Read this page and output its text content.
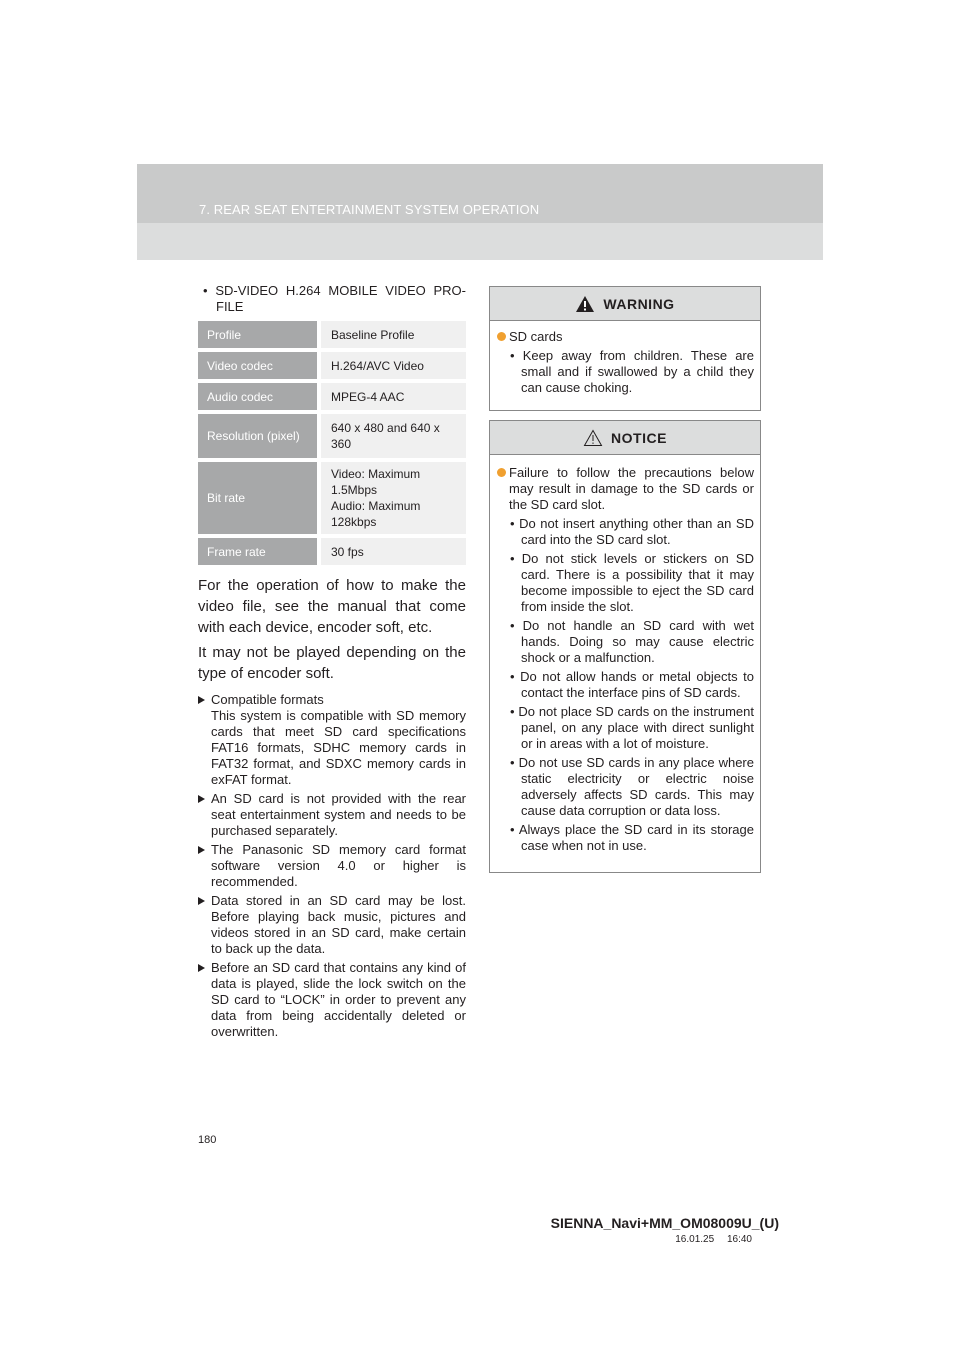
7. REAR SEAT ENTERTAINMENT SYSTEM OPERATION
• SD-VIDEO H.264 MOBILE VIDEO PRO-FILE
Profile	Baseline Profile
Video codec	H.264/AVC Video
Audio codec	MPEG-4 AAC
Resolution (pixel)	640 x 480 and 640 x 360
Bit rate	Video: Maximum 1.5Mbps
Audio: Maximum 128kbps

Frame rate	30 fps
For the operation of how to make the video file, see the manual that come with each device, encoder soft, etc.
It may not be played depending on the type of encoder soft.
Compatible formats
This system is compatible with SD memory cards that meet SD card specifications FAT16 formats, SDHC memory cards in FAT32 format, and SDXC memory cards in exFAT format.
An SD card is not provided with the rear seat entertainment system and needs to be purchased separately.
The Panasonic SD memory card format software version 4.0 or higher is recommended.
Data stored in an SD card may be lost. Before playing back music, pictures and videos stored in an SD card, make certain to back up the data.
Before an SD card that contains any kind of data is played, slide the lock switch on the SD card to “LOCK” in order to prevent any data from being accidentally deleted or overwritten.
WARNING
SD cards
• Keep away from children. These are small and if swallowed by a child they can cause choking.
NOTICE
Failure to follow the precautions below may result in damage to the SD cards or the SD card slot.
• Do not insert anything other than an SD card into the SD card slot.
• Do not stick levels or stickers on SD card. There is a possibility that it may become impossible to eject the SD card from inside the slot.
• Do not handle an SD card with wet hands. Doing so may cause electric shock or a malfunction.
• Do not allow hands or metal objects to contact the interface pins of SD cards.
• Do not place SD cards on the instrument panel, on any place with direct sunlight or in areas with a lot of moisture.
• Do not use SD cards in any place where static electricity or electric noise adversely affects SD cards. This may cause data corruption or data loss.
• Always place the SD card in its storage case when not in use.
180
SIENNA_Navi+MM_OM08009U_(U)
16.01.25 16:40
